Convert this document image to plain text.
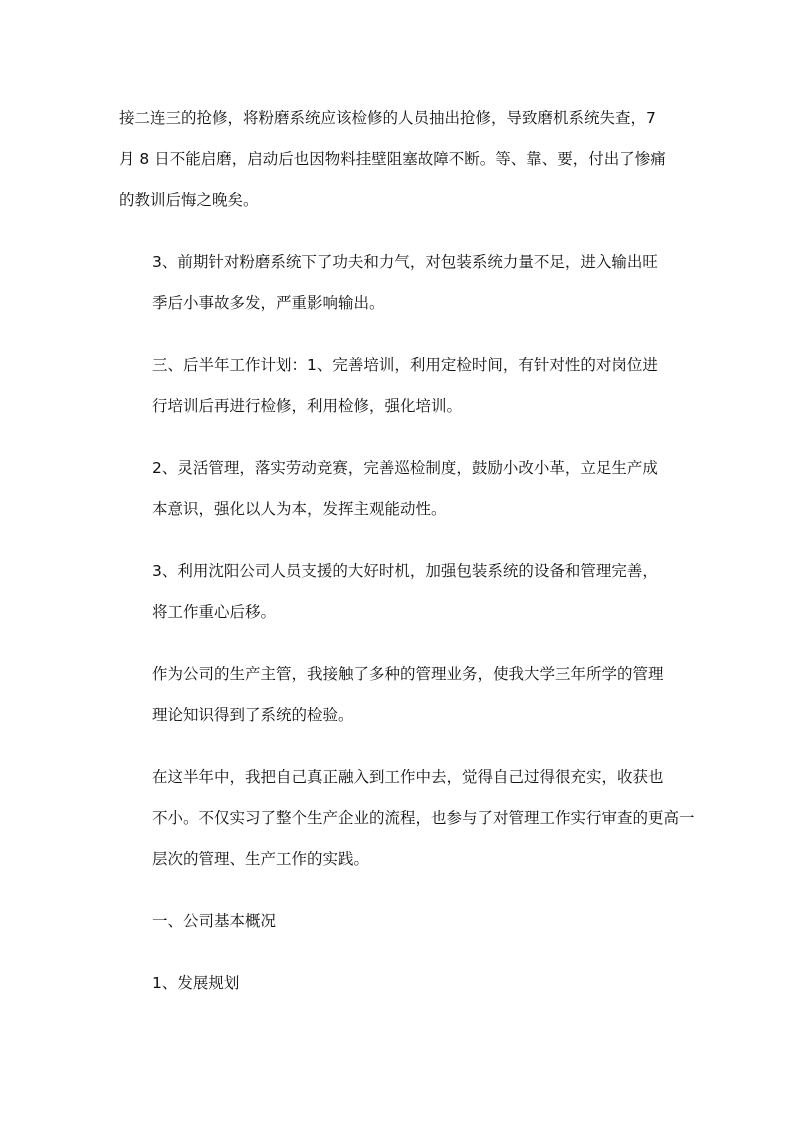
接二连三的抢修，将粉磨系统应该检修的人员抽出抢修，导致磨机系统失查，7
月 8 日不能启磨，启动后也因物料挂壁阻塞故障不断。等、靠、要，付出了惨痛
的教训后悔之晚矣。

3、前期针对粉磨系统下了功夫和力气，对包装系统力量不足，进入输出旺
季后小事故多发，严重影响输出。

三、后半年工作计划：1、完善培训，利用定检时间，有针对性的对岗位进
行培训后再进行检修，利用检修，强化培训。

2、灵活管理，落实劳动竞赛，完善巡检制度，鼓励小改小革，立足生产成
本意识，强化以人为本，发挥主观能动性。

3、利用沈阳公司人员支援的大好时机，加强包装系统的设备和管理完善，
将工作重心后移。

作为公司的生产主管，我接触了多种的管理业务，使我大学三年所学的管理
理论知识得到了系统的检验。

在这半年中，我把自己真正融入到工作中去，觉得自己过得很充实，收获也
不小。不仅实习了整个生产企业的流程，也参与了对管理工作实行审查的更高一
层次的管理、生产工作的实践。

一、公司基本概况

1、发展规划
